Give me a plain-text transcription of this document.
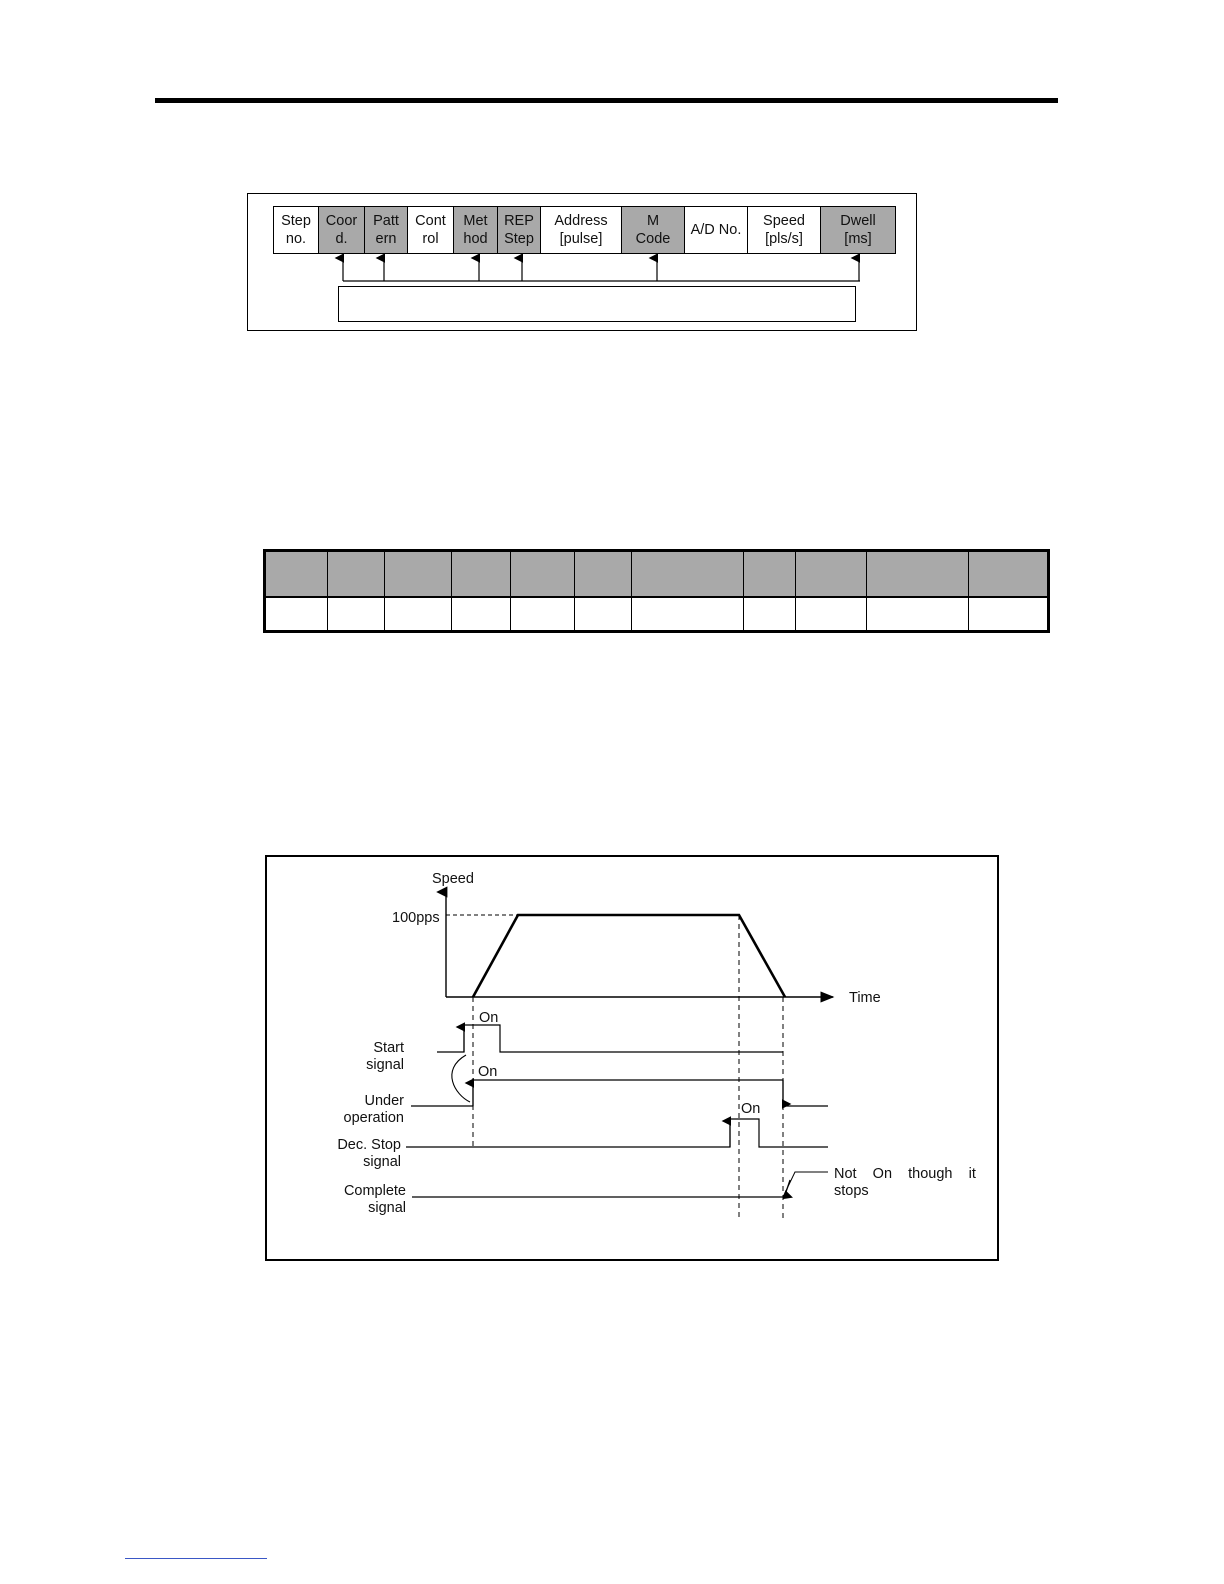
Step
no.
Coor
d.
Patt
ern
Cont
rol
Met
hod
REP
Step
Address
[pulse]
M
Code
A/D No.
Speed
[pls/s]
Dwell
[ms]
Speed
100pps
Time
On
On
On
Start
signal
Under
operation
Dec. Stop
signal
Complete
signal
Not    On    though    it
stops
